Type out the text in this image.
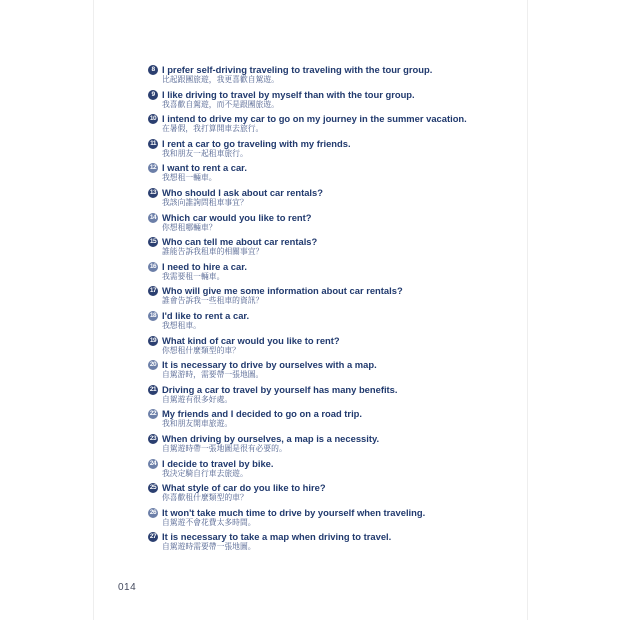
8 I prefer self-driving traveling to traveling with the tour group.
比起跟團旅遊，我更喜歡自駕遊。
9 I like driving to travel by myself than with the tour group.
我喜歡自駕遊，而不是跟團旅遊。
10 I intend to drive my car to go on my journey in the summer vacation.
在暑假，我打算開車去旅行。
11 I rent a car to go traveling with my friends.
我和朋友一起租車旅行。
12 I want to rent a car.
我想租一輛車。
13 Who should I ask about car rentals?
我該向誰詢問租車事宜？
14 Which car would you like to rent?
你想租哪輛車？
15 Who can tell me about car rentals?
誰能告訴我租車的相關事宜？
16 I need to hire a car.
我需要租一輛車。
17 Who will give me some information about car rentals?
誰會告訴我一些租車的資訊？
18 I'd like to rent a car.
我想租車。
19 What kind of car would you like to rent?
你想租什麼類型的車？
20 It is necessary to drive by ourselves with a map.
自駕游時，需要帶一張地圖。
21 Driving a car to travel by yourself has many benefits.
自駕遊有很多好處。
22 My friends and I decided to go on a road trip.
我和朋友開車旅遊。
23 When driving by ourselves, a map is a necessity.
自駕遊時帶一張地圖是很有必要的。
24 I decide to travel by bike.
我決定騎自行車去旅遊。
25 What style of car do you like to hire?
你喜歡租什麼類型的車？
26 It won't take much time to drive by yourself when traveling.
自駕遊不會花費太多時間。
27 It is necessary to take a map when driving to travel.
自駕遊時需要帶一張地圖。
014
